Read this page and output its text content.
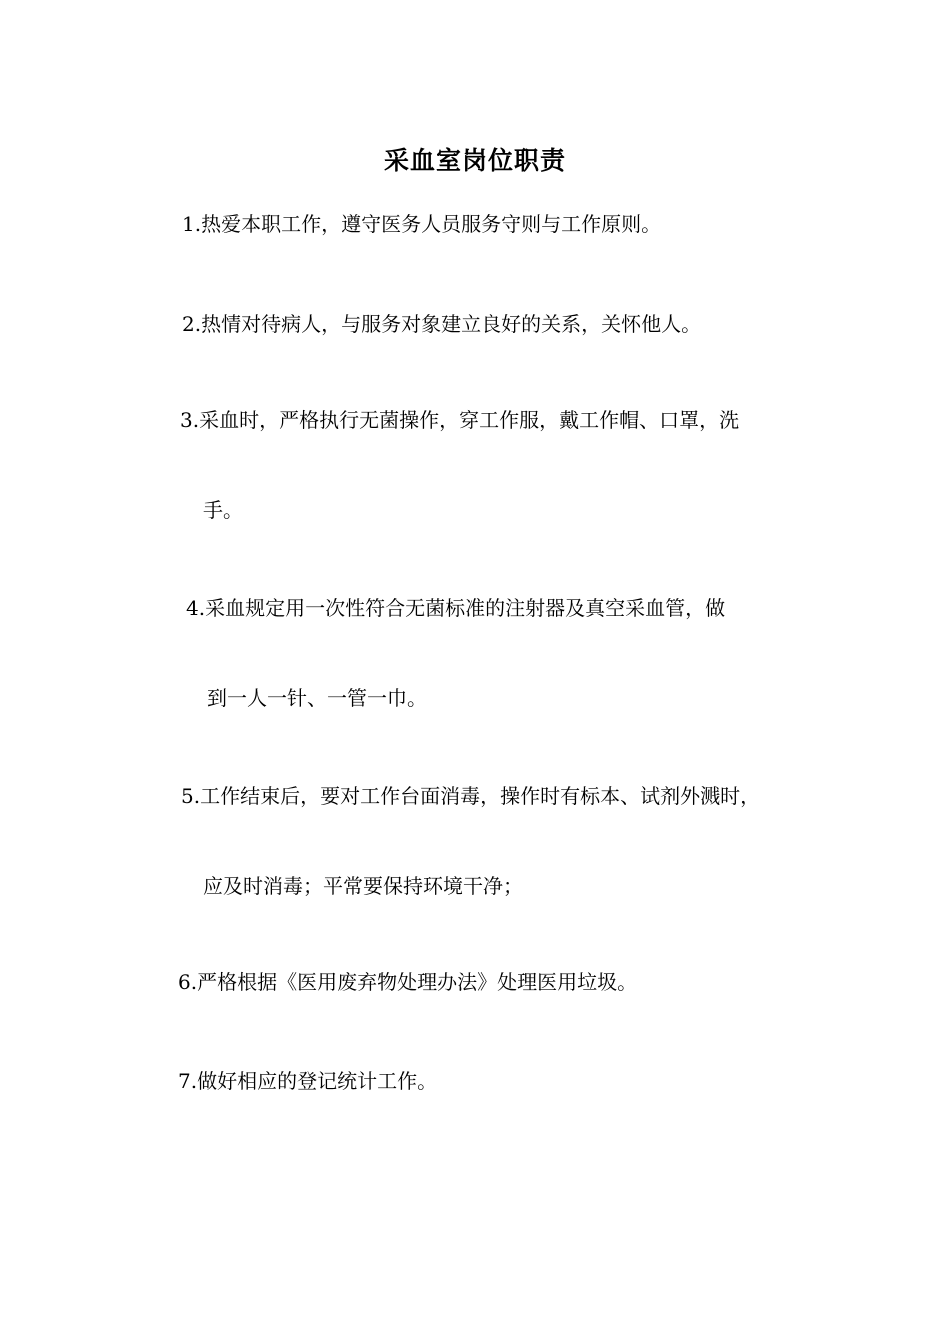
采血室岗位职责
1.热爱本职工作，遵守医务人员服务守则与工作原则。
2.热情对待病人，与服务对象建立良好的关系，关怀他人。
3.采血时，严格执行无菌操作，穿工作服，戴工作帽、口罩，洗
手。
4.采血规定用一次性符合无菌标准的注射器及真空采血管，做
到一人一针、一管一巾。
5.工作结束后，要对工作台面消毒，操作时有标本、试剂外溅时，
应及时消毒；平常要保持环境干净；
6.严格根据《医用废弃物处理办法》处理医用垃圾。
7.做好相应的登记统计工作。
